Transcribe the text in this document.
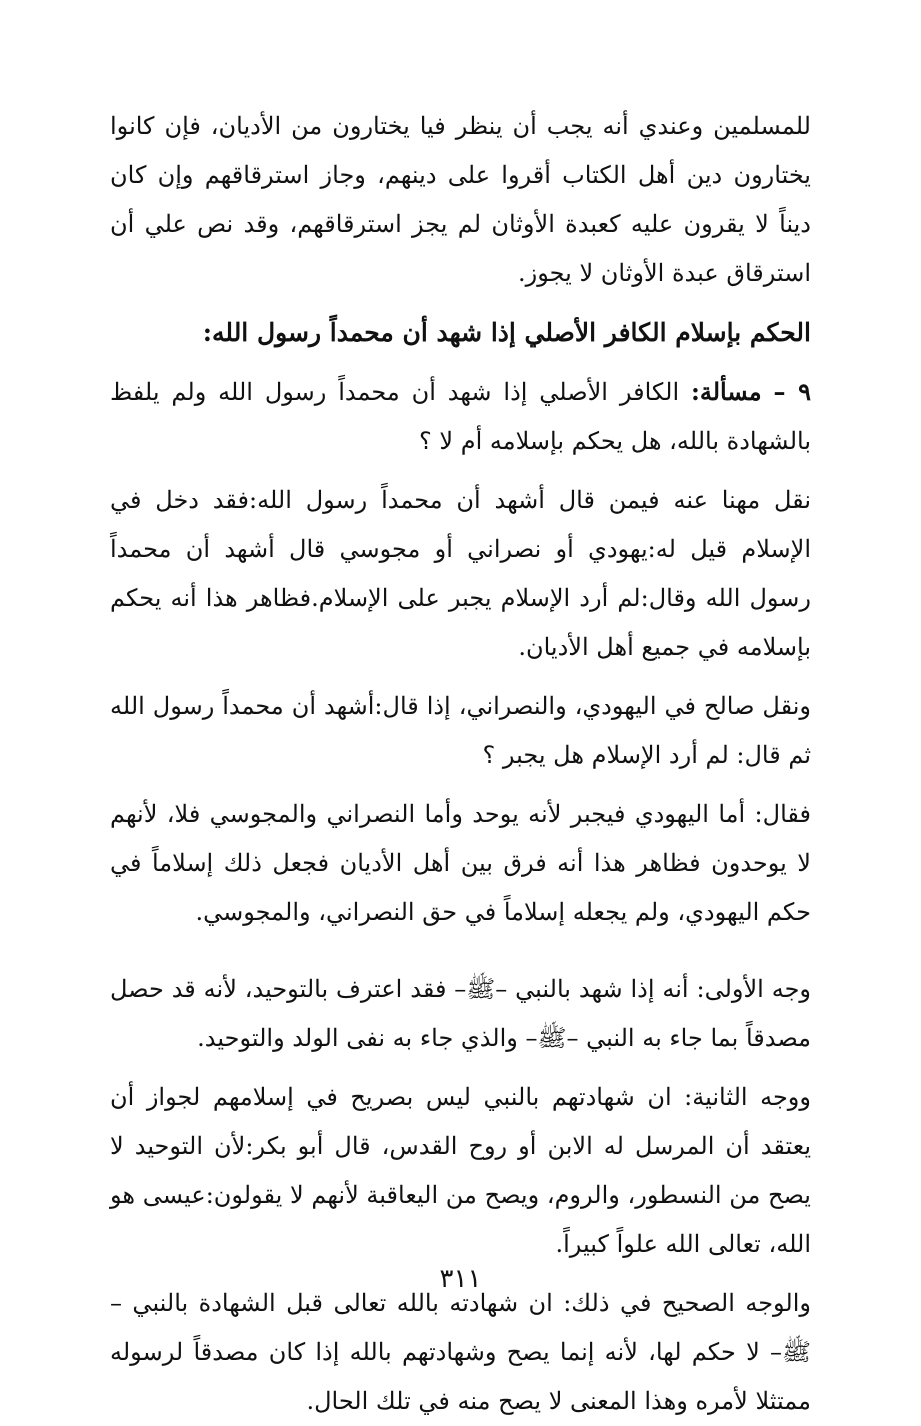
للمسلمين وعندي أنه يجب أن ينظر فيا يختارون من الأديان، فإن كانوا يختارون دين أهل الكتاب أقروا على دينهم، وجاز استرقاقهم وإن كان ديناً لا يقرون عليه كعبدة الأوثان لم يجز استرقاقهم، وقد نص علي أن استرقاق عبدة الأوثان لا يجوز.

الحكم بإسلام الكافر الأصلي إذا شهد أن محمداً رسول الله:

٩ – مسألة: الكافر الأصلي إذا شهد أن محمداً رسول الله ولم يلفظ بالشهادة بالله، هل يحكم بإسلامه أم لا ؟

نقل مهنا عنه فيمن قال أشهد أن محمداً رسول الله:فقد دخل في الإسلام قيل له:يهودي أو نصراني أو مجوسي قال أشهد أن محمداً رسول الله وقال:لم أرد الإسلام يجبر على الإسلام.فظاهر هذا أنه يحكم بإسلامه في جميع أهل الأديان.

ونقل صالح في اليهودي، والنصراني، إذا قال:أشهد أن محمداً رسول الله ثم قال: لم أرد الإسلام هل يجبر ؟

فقال: أما اليهودي فيجبر لأنه يوحد وأما النصراني والمجوسي فلا، لأنهم لا يوحدون فظاهر هذا أنه فرق بين أهل الأديان فجعل ذلك إسلاماً في حكم اليهودي، ولم يجعله إسلاماً في حق النصراني، والمجوسي.

وجه الأولى: أنه إذا شهد بالنبي –ﷺ– فقد اعترف بالتوحيد، لأنه قد حصل مصدقاً بما جاء به النبي –ﷺ– والذي جاء به نفى الولد والتوحيد.

ووجه الثانية: ان شهادتهم بالنبي ليس بصريح في إسلامهم لجواز أن يعتقد أن المرسل له الابن أو روح القدس، قال أبو بكر:لأن التوحيد لا يصح من النسطور، والروم، ويصح من اليعاقبة لأنهم لا يقولون:عيسى هو الله، تعالى الله علواً كبيراً.

والوجه الصحيح في ذلك: ان شهادته بالله تعالى قبل الشهادة بالنبي –ﷺ– لا حكم لها، لأنه إنما يصح وشهادتهم بالله إذا كان مصدقاً لرسوله ممتثلا لأمره وهذا المعنى لا يصح منه في تلك الحال.

٣١١
